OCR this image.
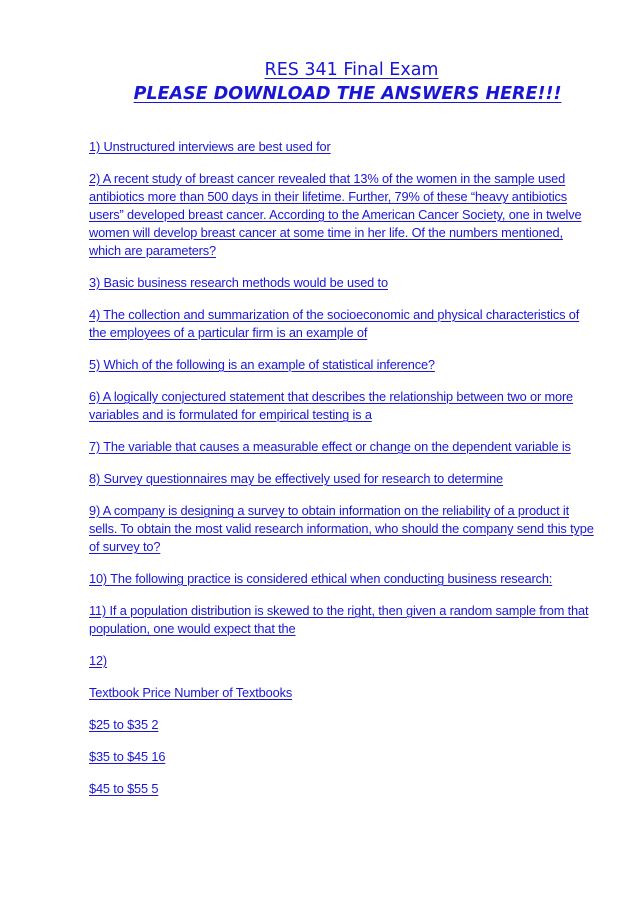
RES 341 Final Exam
PLEASE DOWNLOAD THE ANSWERS HERE!!!
1) Unstructured interviews are best used for
2) A recent study of breast cancer revealed that 13% of the women in the sample used antibiotics more than 500 days in their lifetime. Further, 79% of these “heavy antibiotics users” developed breast cancer. According to the American Cancer Society, one in twelve women will develop breast cancer at some time in her life. Of the numbers mentioned, which are parameters?
3) Basic business research methods would be used to
4) The collection and summarization of the socioeconomic and physical characteristics of the employees of a particular firm is an example of
5) Which of the following is an example of statistical inference?
6) A logically conjectured statement that describes the relationship between two or more variables and is formulated for empirical testing is a
7) The variable that causes a measurable effect or change on the dependent variable is
8) Survey questionnaires may be effectively used for research to determine
9) A company is designing a survey to obtain information on the reliability of a product it sells. To obtain the most valid research information, who should the company send this type of survey to?
10) The following practice is considered ethical when conducting business research:
11) If a population distribution is skewed to the right, then given a random sample from that population, one would expect that the
12)
Textbook Price Number of Textbooks
$25 to $35 2
$35 to $45 16
$45 to $55 5
